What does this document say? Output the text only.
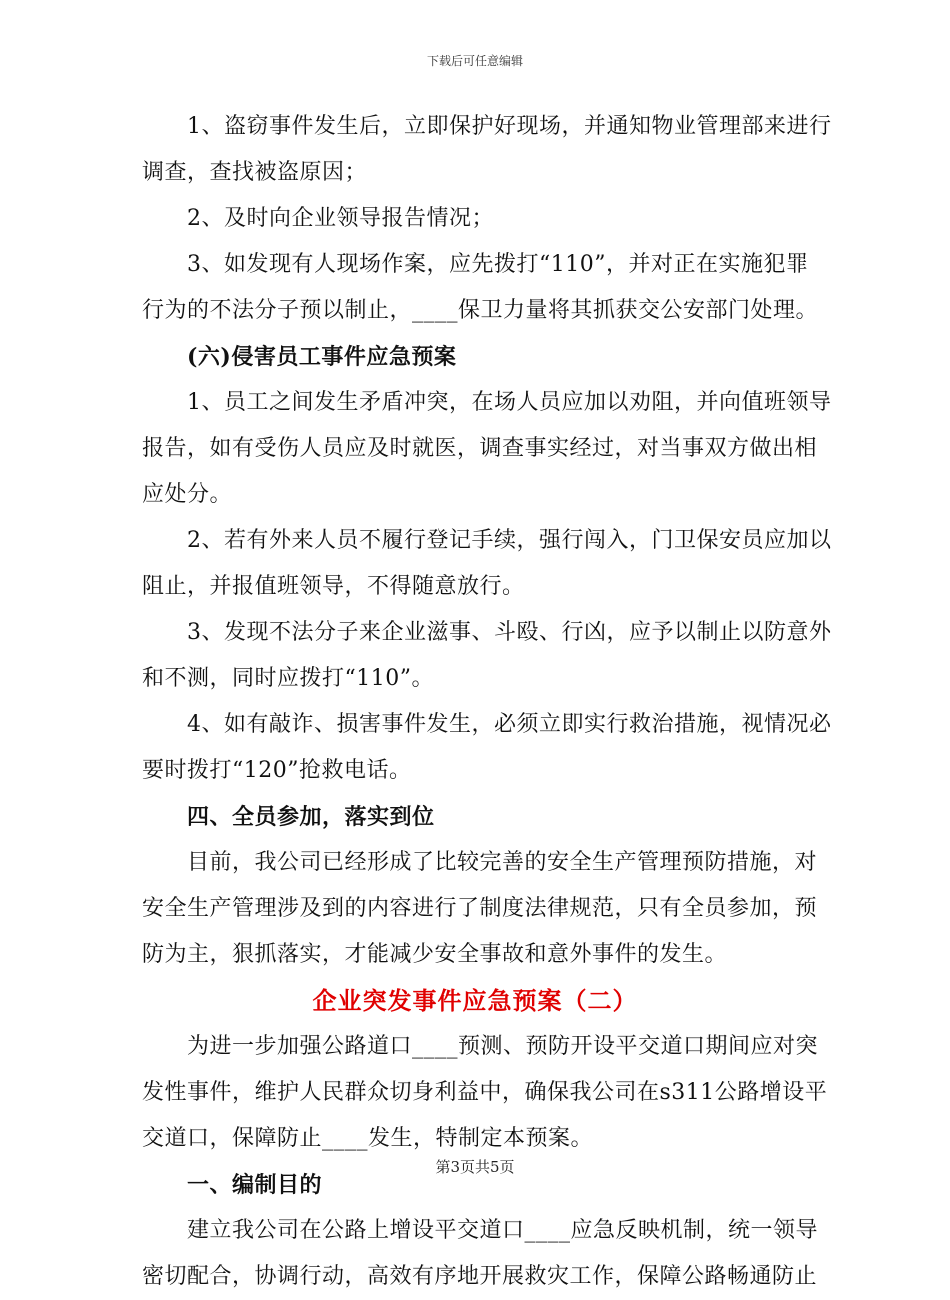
下载后可任意编辑
1、盗窃事件发生后，立即保护好现场，并通知物业管理部来进行
调查，查找被盗原因；
2、及时向企业领导报告情况；
3、如发现有人现场作案，应先拨打“110”，并对正在实施犯罪
行为的不法分子预以制止，____保卫力量将其抓获交公安部门处理。
(六)侵害员工事件应急预案
1、员工之间发生矛盾冲突，在场人员应加以劝阻，并向值班领导
报告，如有受伤人员应及时就医，调查事实经过，对当事双方做出相
应处分。
2、若有外来人员不履行登记手续，强行闯入，门卫保安员应加以
阻止，并报值班领导，不得随意放行。
3、发现不法分子来企业滋事、斗殴、行凶，应予以制止以防意外
和不测，同时应拨打“110”。
4、如有敲诈、损害事件发生，必须立即实行救治措施，视情况必
要时拨打“120”抢救电话。
四、全员参加，落实到位
目前，我公司已经形成了比较完善的安全生产管理预防措施，对
安全生产管理涉及到的内容进行了制度法律规范，只有全员参加，预
防为主，狠抓落实，才能减少安全事故和意外事件的发生。
企业突发事件应急预案（二）
为进一步加强公路道口____预测、预防开设平交道口期间应对突
发性事件，维护人民群众切身利益中，确保我公司在s311公路增设平
交道口，保障防止____发生，特制定本预案。
一、编制目的
建立我公司在公路上增设平交道口____应急反映机制，统一领导
密切配合，协调行动，高效有序地开展救灾工作，保障公路畅通防止
第3页共5页
